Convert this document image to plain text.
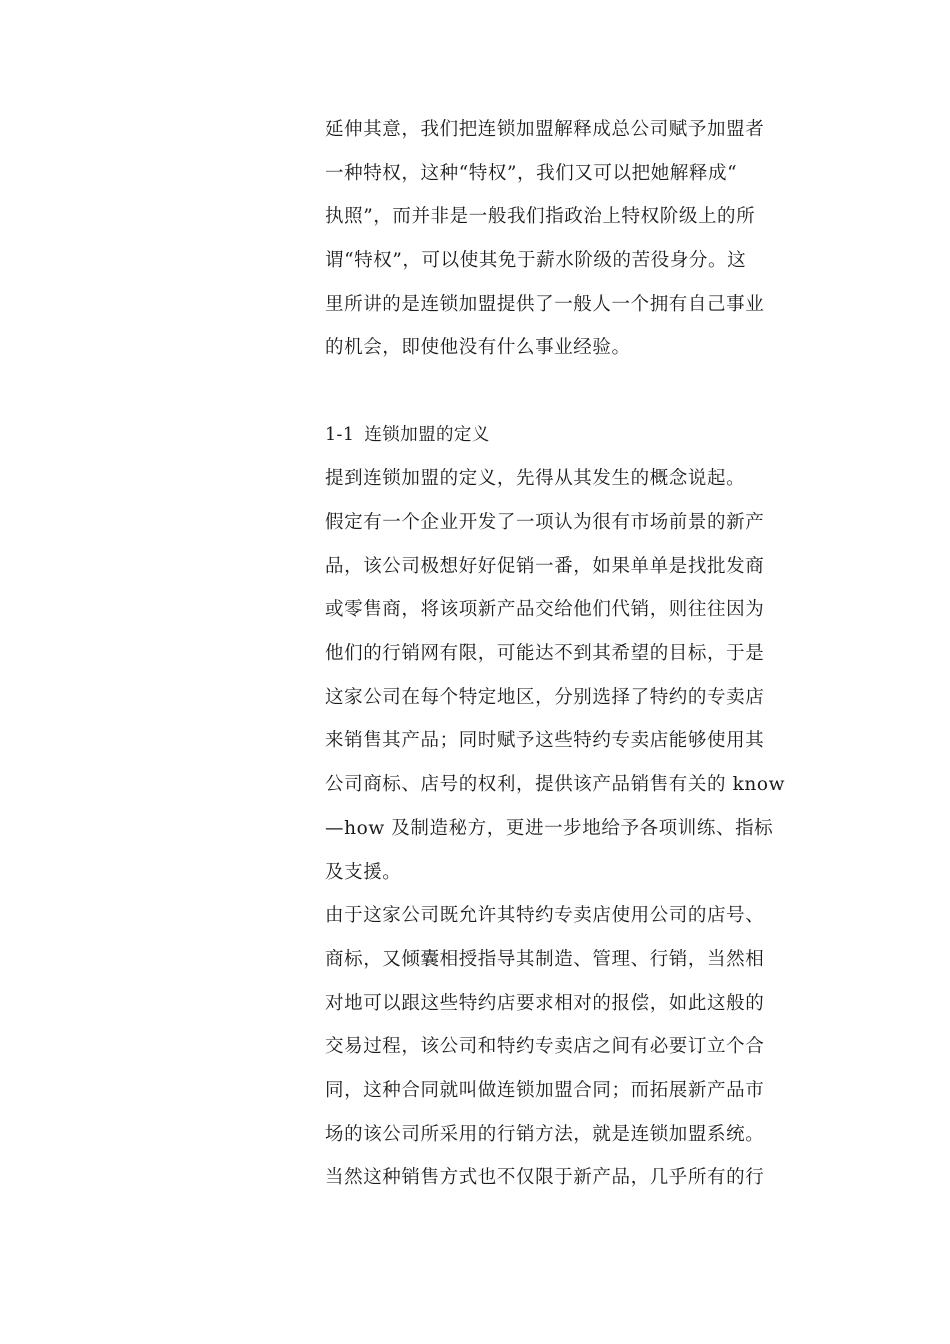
延伸其意，我们把连锁加盟解释成总公司赋予加盟者
一种特权，这种“特权”，我们又可以把她解释成“
执照”，而并非是一般我们指政治上特权阶级上的所
谓“特权”，可以使其免于薪水阶级的苦役身分。这
里所讲的是连锁加盟提供了一般人一个拥有自己事业
的机会，即使他没有什么事业经验。
1-1 连锁加盟的定义
提到连锁加盟的定义，先得从其发生的概念说起。
假定有一个企业开发了一项认为很有市场前景的新产
品，该公司极想好好促销一番，如果单单是找批发商
或零售商，将该项新产品交给他们代销，则往往因为
他们的行销网有限，可能达不到其希望的目标，于是
这家公司在每个特定地区，分别选择了特约的专卖店
来销售其产品；同时赋予这些特约专卖店能够使用其
公司商标、店号的权利，提供该产品销售有关的 know
—how 及制造秘方，更进一步地给予各项训练、指标
及支援。
由于这家公司既允许其特约专卖店使用公司的店号、
商标，又倾囊相授指导其制造、管理、行销，当然相
对地可以跟这些特约店要求相对的报偿，如此这般的
交易过程，该公司和特约专卖店之间有必要订立个合
同，这种合同就叫做连锁加盟合同；而拓展新产品市
场的该公司所采用的行销方法，就是连锁加盟系统。
当然这种销售方式也不仅限于新产品，几乎所有的行
